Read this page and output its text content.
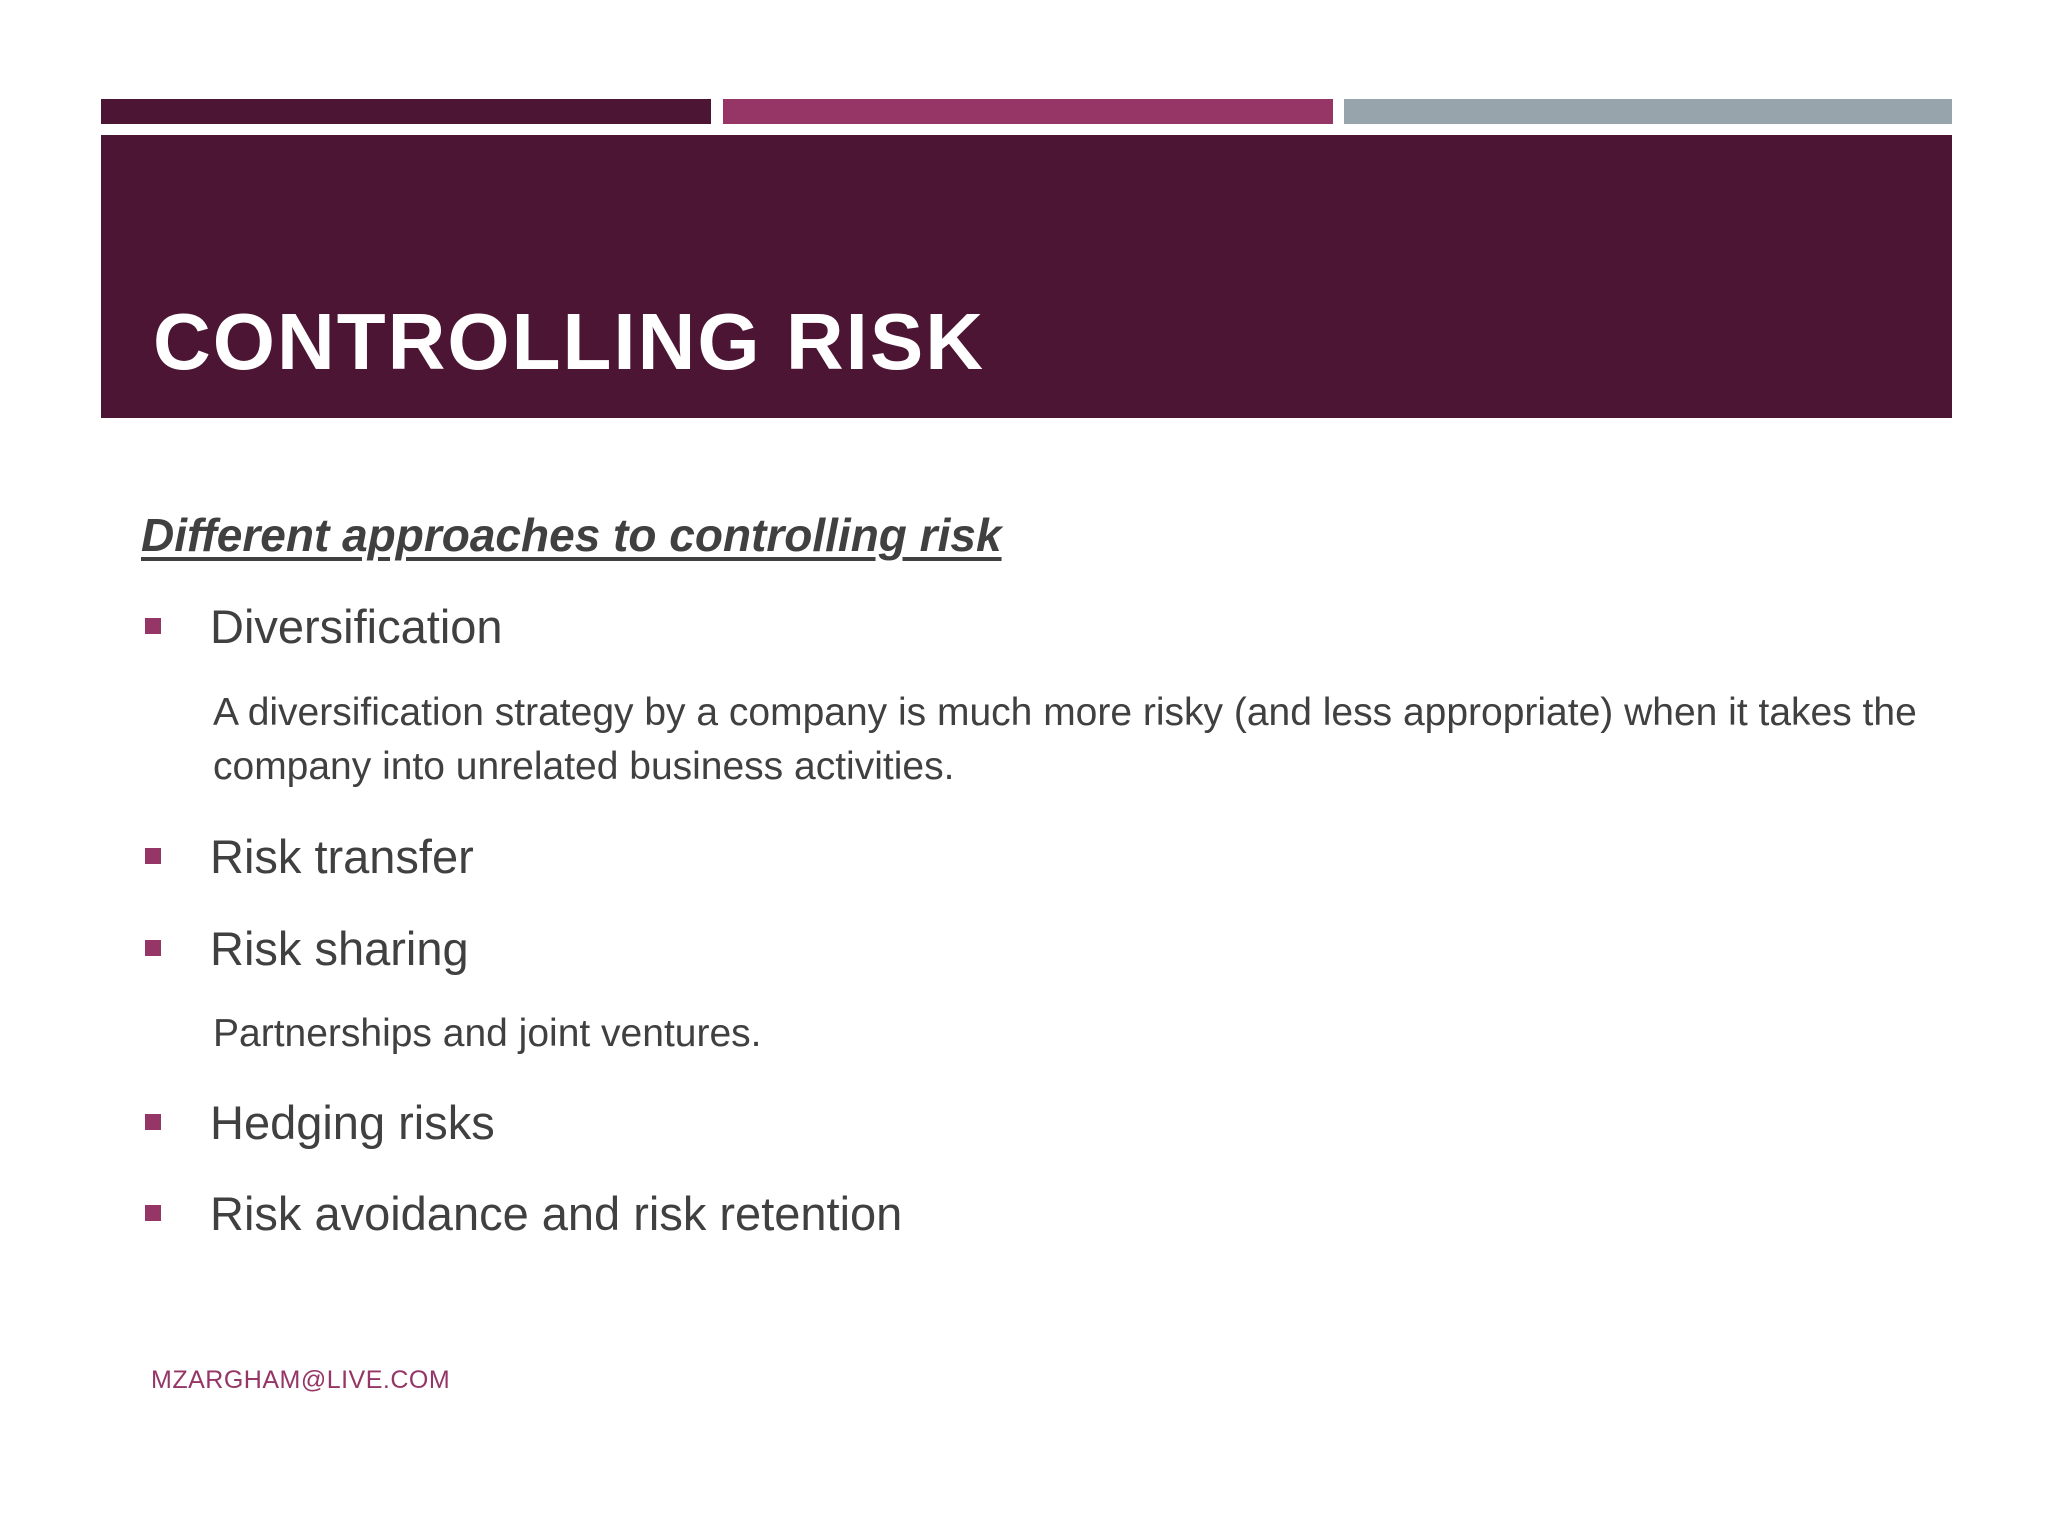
CONTROLLING RISK

Different approaches to controlling risk

Diversification
A diversification strategy by a company is much more risky (and less appropriate) when it takes the company into unrelated business activities.
Risk transfer
Risk sharing
Partnerships and joint ventures.
Hedging risks
Risk avoidance and risk retention
MZARGHAM@LIVE.COM
